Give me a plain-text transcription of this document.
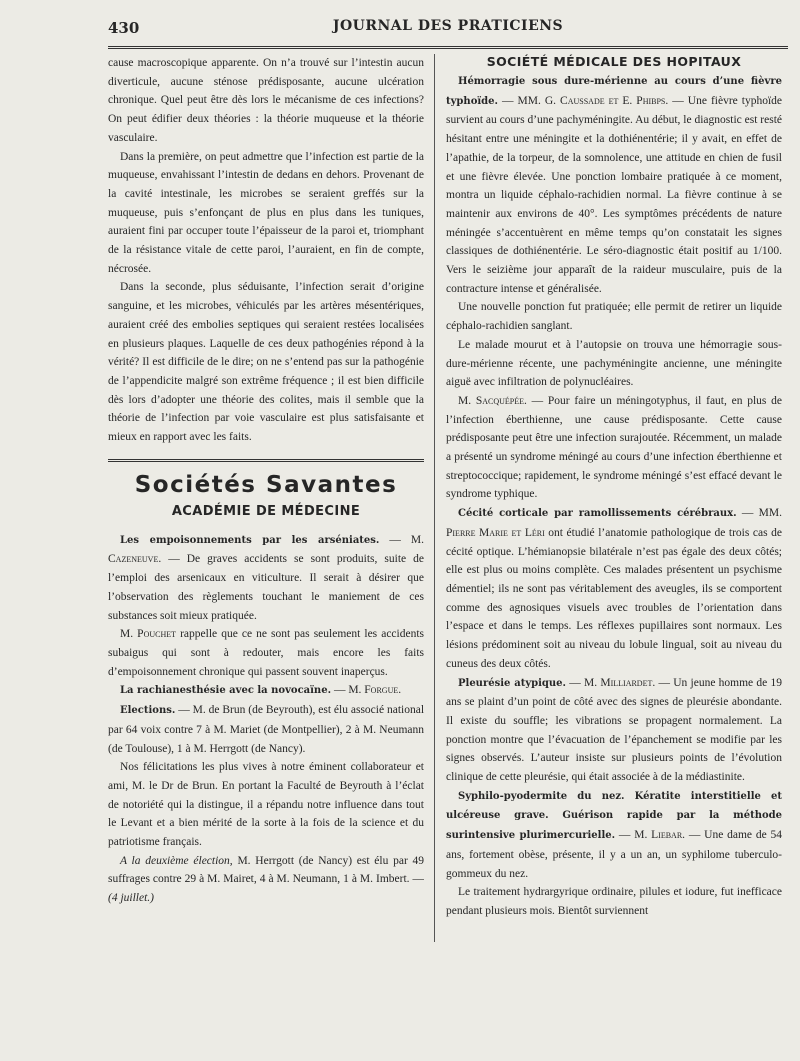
430	JOURNAL DES PRATICIENS

cause macroscopique apparente. On n’a trouvé sur l’intestin aucun diverticule, aucune sténose prédisposante, aucune ulcération chronique. Quel peut être dès lors le mécanisme de ces infections? On peut édifier deux théories : la théorie muqueuse et la théorie vasculaire.

Dans la première, on peut admettre que l’infection est partie de la muqueuse, envahissant l’intestin de dedans en dehors. Provenant de la cavité intestinale, les microbes se seraient greffés sur la muqueuse, puis s’enfonçant de plus en plus dans les tuniques, auraient fini par occuper toute l’épaisseur de la paroi et, triomphant de la résistance vitale de cette paroi, l’auraient, en fin de compte, nécrosée.

Dans la seconde, plus séduisante, l’infection serait d’origine sanguine, et les microbes, véhiculés par les artères mésentériques, auraient créé des embolies septiques qui seraient restées localisées en plusieurs plaques. Laquelle de ces deux pathogénies répond à la vérité? Il est difficile de le dire; on ne s’entend pas sur la pathogénie de l’appendicite malgré son extrême fréquence ; il est bien difficile dès lors d’adopter une théorie des colites, mais il semble que la théorie de l’infection par voie vasculaire est plus satisfaisante et mieux en rapport avec les faits.

Sociétés Savantes
ACADÉMIE DE MÉDECINE

Les empoisonnements par les arséniates. — M. Cazeneuve. — De graves accidents se sont produits, suite de l’emploi des arsenicaux en viticulture. Il serait à désirer que l’observation des règlements touchant le maniement de ces substances soit mieux pratiquée.

M. Pouchet rappelle que ce ne sont pas seulement les accidents subaigus qui sont à redouter, mais encore les faits d’empoisonnement chronique qui passent souvent inaperçus.

La rachianesthésie avec la novocaïne. — M. Forgue.

Elections. — M. de Brun (de Beyrouth), est élu associé national par 64 voix contre 7 à M. Mariet (de Montpellier), 2 à M. Neumann (de Toulouse), 1 à M. Herrgott (de Nancy).

Nos félicitations les plus vives à notre éminent collaborateur et ami, M. le Dr de Brun. En portant la Faculté de Beyrouth à l’éclat de notoriété qui la distingue, il a répandu notre influence dans tout le Levant et a bien mérité de la sorte à la fois de la science et du patriotisme français.

A la deuxième élection, M. Herrgott (de Nancy) est élu par 49 suffrages contre 29 à M. Mairet, 4 à M. Neumann, 1 à M. Imbert. — (4 juillet.)

SOCIÉTÉ MÉDICALE DES HOPITAUX

Hémorragie sous dure-mérienne au cours d’une fièvre typhoïde. — MM. G. Caussade et E. Phibps. — Une fièvre typhoïde survient au cours d’une pachyméningite. Au début, le diagnostic est resté hésitant entre une méningite et la dothiénentérie; il y avait, en effet de l’apathie, de la torpeur, de la somnolence, une attitude en chien de fusil et une fièvre élevée. Une ponction lombaire pratiquée à ce moment, montra un liquide céphalo-rachidien normal. La fièvre continue à se maintenir aux environs de 40°. Les symptômes précédents de nature méningée s’accentuèrent en même temps qu’on constatait les signes classiques de dothiénentérie. Le séro-diagnostic était positif au 1/100. Vers le seizième jour apparaît de la raideur musculaire, puis de la contracture intense et généralisée.

Une nouvelle ponction fut pratiquée; elle permit de retirer un liquide céphalo-rachidien sanglant.

Le malade mourut et à l’autopsie on trouva une hémorragie sous-dure-mérienne récente, une pachyméningite ancienne, une méningite aiguë avec infiltration de polynucléaires.

M. Sacquépée. — Pour faire un méningotyphus, il faut, en plus de l’infection éberthienne, une cause prédisposante. Cette cause prédisposante peut être une infection surajoutée. Récemment, un malade a présenté un syndrome méningé au cours d’une infection éberthienne et streptococcique; rapidement, le syndrome méningé s’est effacé devant le syndrome typhique.

Cécité corticale par ramollissements cérébraux. — MM. Pierre Marie et Léri ont étudié l’anatomie pathologique de trois cas de cécité optique. L’hémianopsie bilatérale n’est pas égale des deux côtés; elle est plus ou moins complète. Ces malades présentent un psychisme démentiel; ils ne sont pas véritablement des aveugles, ils se comportent comme des agnosiques visuels avec troubles de l’orientation dans l’espace et dans le temps. Les réflexes pupillaires sont normaux. Les lésions prédominent soit au niveau du lobule lingual, soit au niveau du cuneus des deux côtés.

Pleurésie atypique. — M. Milliardet. — Un jeune homme de 19 ans se plaint d’un point de côté avec des signes de pleurésie abondante. Il existe du souffle; les vibrations se propagent normalement. La ponction montre que l’évacuation de l’épanchement se modifie par les signes observés. L’auteur insiste sur plusieurs points de l’évolution clinique de cette pleurésie, qui était associée à de la médiastinite.

Syphilo-pyodermite du nez. Kératite interstitielle et ulcéreuse grave. Guérison rapide par la méthode surintensive plurimercurielle. — M. Liebar. — Une dame de 54 ans, fortement obèse, présente, il y a un an, un syphilome tuberculo-gommeux du nez.

Le traitement hydrargyrique ordinaire, pilules et iodure, fut inefficace pendant plusieurs mois. Bientôt surviennent
